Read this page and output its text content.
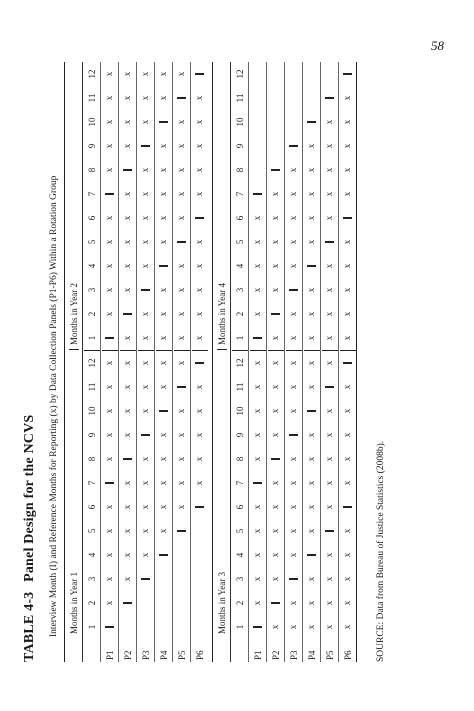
58
TABLE 4-3 Panel Design for the NCVS Interview Month (I) and Reference Months for Reporting (x) by Data Collection Panels (P1-P6) Within a Rotation Group Months in Year 1
Months in Year 2
1
2
3
4
5
6
7
8
9
10
11
12
1
2
3
4
5
6
7
8
9
10
11
12
P1
x
x
x
x
x
x
x
x
x
x
x
x
x
x
x
x
x
x
x
x
P2
x
x
x
x
x
x
x
x
x
x
x
x
x
x
x
x
x
x
x
P3
x
x
x
x
x
x
x
x
x
x
x
x
x
x
x
x
x
x
P4
x
x
x
x
x
x
x
x
x
x
x
x
x
x
x
x
x
P5
x
x
x
x
x
x
x
x
x
x
x
x
x
x
x
x
P6
x
x
x
x
x
x
x
x
x
x
x
x
x
x
x
Months in Year 3
Months in Year 4
1
2
3
4
5
6
7
8
9
10
11
12
1
2
3
4
5
6
7
8
9
10
11
12
P1
x
x
x
x
x
x
x
x
x
x
x
x
x
x
x
P2
x
x
x
x
x
x
x
x
x
x
x
x
x
x
x
x
P3
x
x
x
x
x
x
x
x
x
x
x
x
x
x
x
x
x
P4
x
x
x
x
x
x
x
x
x
x
x
x
x
x
x
x
x
x
P5
x
x
x
x
x
x
x
x
x
x
x
x
x
x
x
x
x
x
x
P6
x
x
x
x
x
x
x
x
x
x
x
x
x
x
x
x
x
x
x
x
SOURCE: Data from Bureau of Justice Statistics (2008b).
